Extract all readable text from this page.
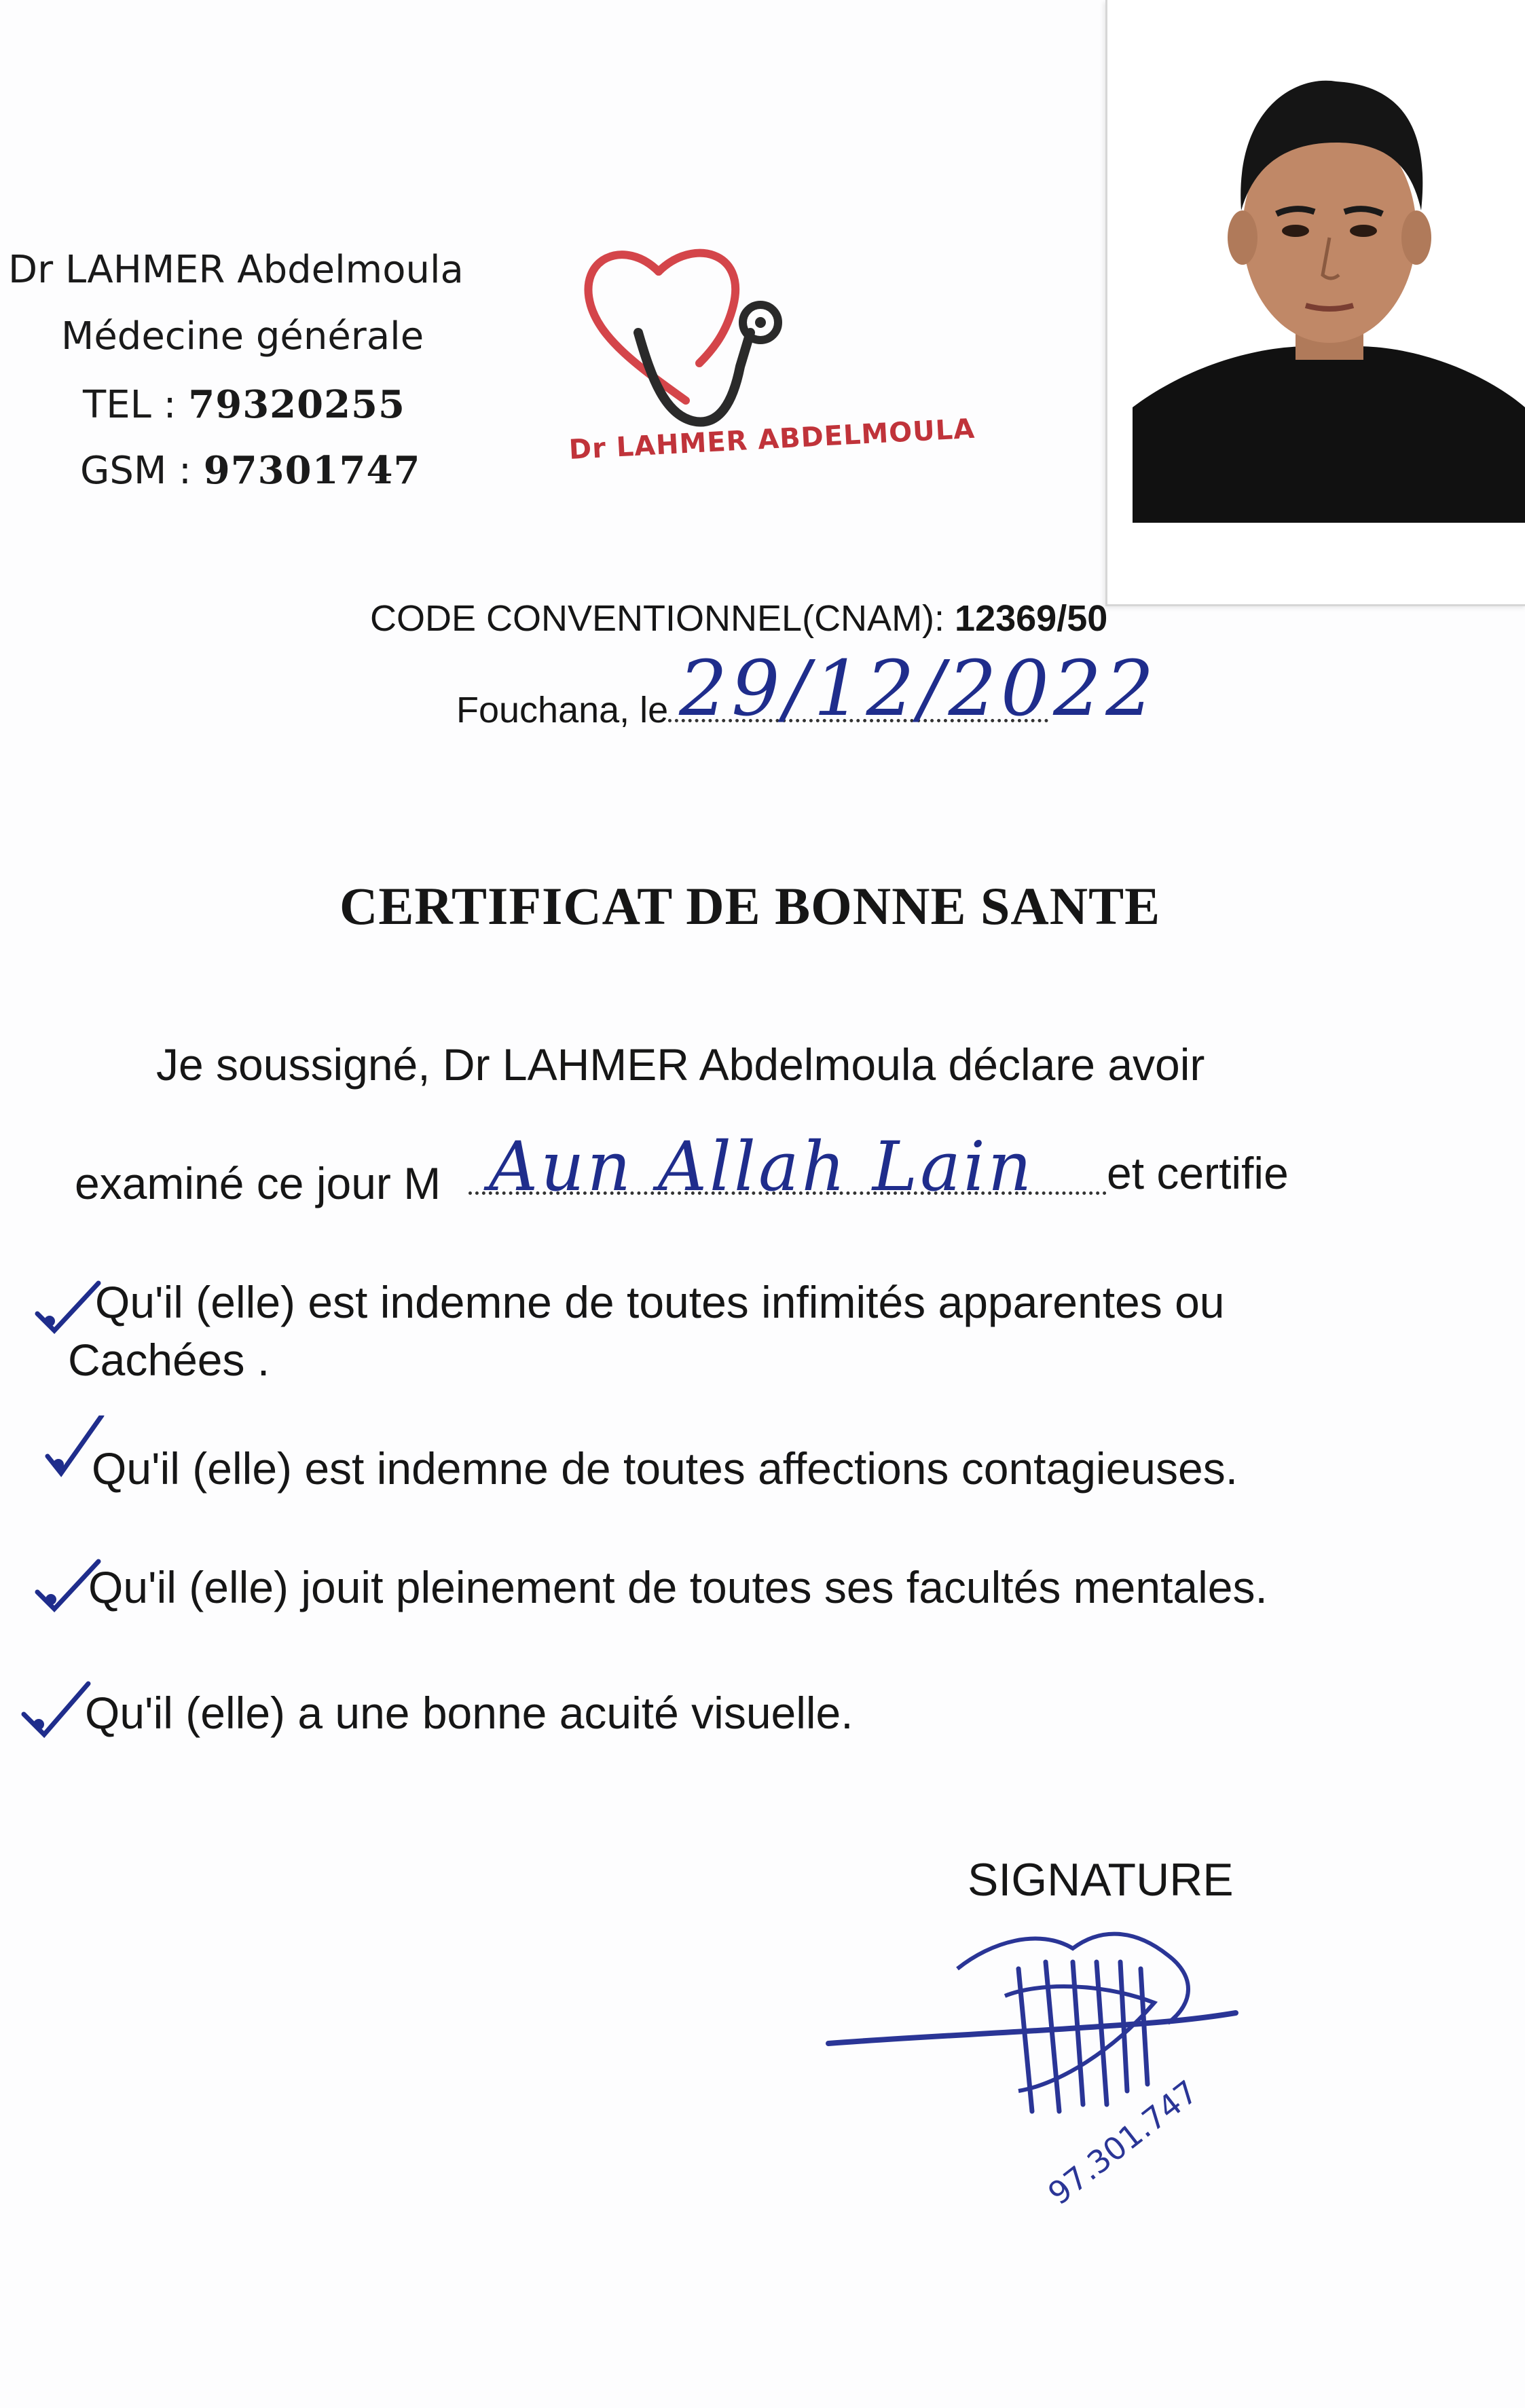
Dr LAHMER Abdelmoula
Médecine générale
TEL : 79320255
GSM : 97301747
Dr LAHMER ABDELMOULA
CODE CONVENTIONNEL(CNAM): 12369/50
Fouchana, le 29/12/2022
CERTIFICAT DE BONNE SANTE
Je soussigné, Dr LAHMER Abdelmoula déclare avoir
examiné ce jour M Aun Allah Lain et certifie
Qu'il (elle) est indemne de toutes infimités apparentes ou
Cachées .
Qu'il (elle) est indemne de toutes affections contagieuses.
Qu'il (elle) jouit pleinement de toutes ses facultés mentales.
Qu'il (elle) a une bonne acuité visuelle.
SIGNATURE
97.301.747
